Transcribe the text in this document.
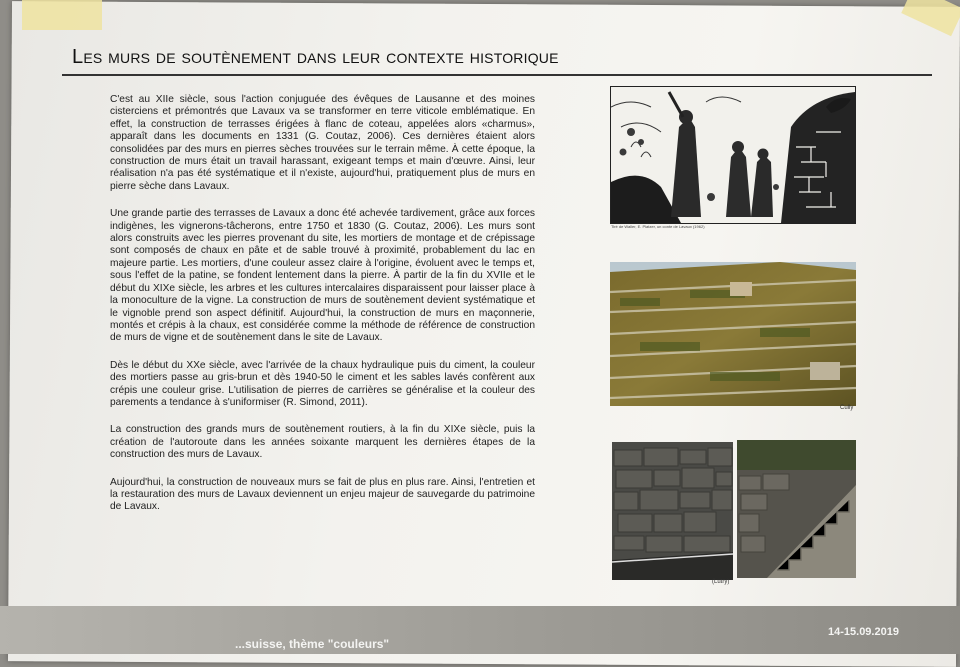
Les murs de soutènement dans leur contexte historique

C'est au XIIe siècle, sous l'action conjuguée des évêques de Lausanne et des moines cisterciens et prémontrés que Lavaux va se transformer en terre viticole emblématique. En effet, la construction de terrasses érigées à flanc de coteau, appelées alors «charmus», apparaît dans les documents en 1331 (G. Coutaz, 2006). Ces dernières étaient alors consolidées par des murs en pierres sèches trouvées sur le terrain même. À cette époque, la construction de murs était un travail harassant, exigeant temps et main d'œuvre. Ainsi, leur réalisation n'a pas été systématique et il n'existe, aujourd'hui, pratiquement plus de murs en pierre sèche dans Lavaux.

Une grande partie des terrasses de Lavaux a donc été achevée tardivement, grâce aux forces indigènes, les vignerons-tâcherons, entre 1750 et 1830 (G. Coutaz, 2006). Les murs sont alors construits avec les pierres provenant du site, les mortiers de montage et de crépissage sont composés de chaux en pâte et de sable trouvé à proximité, probablement du lac en majeure partie. Les mortiers, d'une couleur assez claire à l'origine, évoluent avec le temps et, sous l'effet de la patine, se fondent lentement dans la pierre. À partir de la fin du XVIIe et le début du XIXe siècle, les arbres et les cultures intercalaires disparaissent pour laisser place à la monoculture de la vigne. La construction de murs de soutènement devient systématique et le vignoble prend son aspect définitif. Aujourd'hui, la construction de murs en maçonnerie, montés et crépis à la chaux, est considérée comme la méthode de référence de construction de murs de vigne et de soutènement dans le site de Lavaux.

Dès le début du XXe siècle, avec l'arrivée de la chaux hydraulique puis du ciment, la couleur des mortiers passe au gris-brun et dès 1940-50 le ciment et les sables lavés confèrent aux crépis une couleur grise. L'utilisation de pierres de carrières se généralise et la couleur des parements a tendance à s'uniformiser (R. Simond, 2011).

La construction des grands murs de soutènement routiers, à la fin du XIXe siècle, puis la création de l'autoroute dans les années soixante marquent les dernières étapes de la construction des murs de Lavaux.

Aujourd'hui, la construction de nouveaux murs se fait de plus en plus rare. Ainsi, l'entretien et la restauration des murs de Lavaux deviennent un enjeu majeur de sauvegarde du patrimoine de Lavaux.

Tiré de Waller, E. Platzer, un conte de Lavaux (1962)
Cully
(Lutry)
...suisse, thème "couleurs"
14-15.09.2019
